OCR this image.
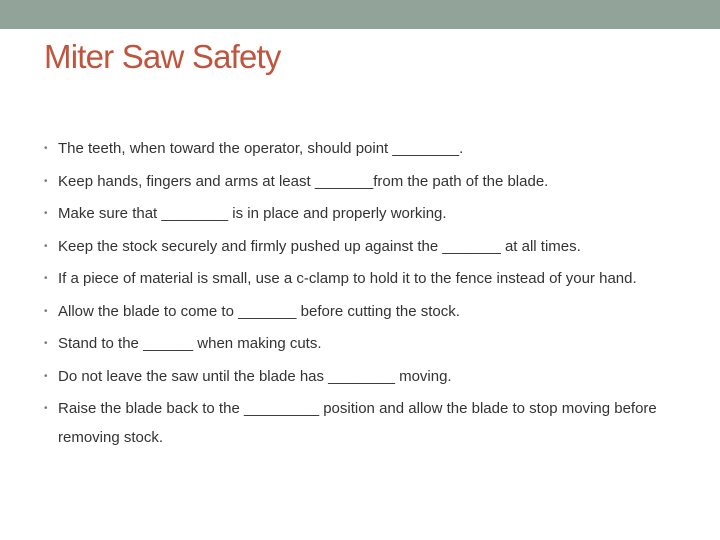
Miter Saw Safety
• The teeth, when toward the operator, should point ________.
• Keep hands, fingers and arms at least _______from the path of the blade.
• Make sure that ________ is in place and properly working.
• Keep the stock securely and firmly pushed up against the _______ at all times.
• If a piece of material is small, use a c-clamp to hold it to the fence instead of your hand.
• Allow the blade to come to _______ before cutting the stock.
• Stand to the ______ when making cuts.
• Do not leave the saw until the blade has ________ moving.
• Raise the blade back to the _________ position and allow the blade to stop moving before removing stock.
